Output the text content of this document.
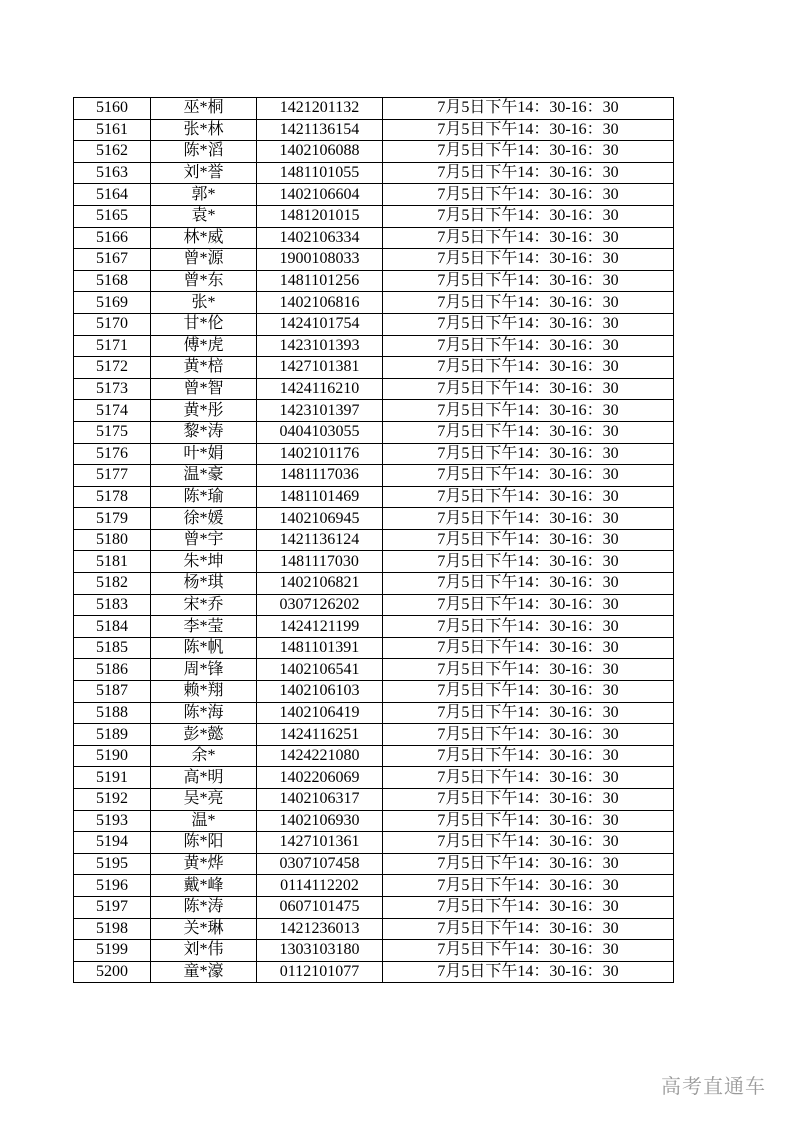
5160	巫*桐	1421201132	7月5日下午14：30-16：30
5161	张*林	1421136154	7月5日下午14：30-16：30
5162	陈*滔	1402106088	7月5日下午14：30-16：30
5163	刘*誉	1481101055	7月5日下午14：30-16：30
5164	郭*	1402106604	7月5日下午14：30-16：30
5165	袁*	1481201015	7月5日下午14：30-16：30
5166	林*威	1402106334	7月5日下午14：30-16：30
5167	曾*源	1900108033	7月5日下午14：30-16：30
5168	曾*东	1481101256	7月5日下午14：30-16：30
5169	张*	1402106816	7月5日下午14：30-16：30
5170	甘*伦	1424101754	7月5日下午14：30-16：30
5171	傅*虎	1423101393	7月5日下午14：30-16：30
5172	黄*棓	1427101381	7月5日下午14：30-16：30
5173	曾*智	1424116210	7月5日下午14：30-16：30
5174	黄*彤	1423101397	7月5日下午14：30-16：30
5175	黎*涛	0404103055	7月5日下午14：30-16：30
5176	叶*娟	1402101176	7月5日下午14：30-16：30
5177	温*豪	1481117036	7月5日下午14：30-16：30
5178	陈*瑜	1481101469	7月5日下午14：30-16：30
5179	徐*媛	1402106945	7月5日下午14：30-16：30
5180	曾*宇	1421136124	7月5日下午14：30-16：30
5181	朱*坤	1481117030	7月5日下午14：30-16：30
5182	杨*琪	1402106821	7月5日下午14：30-16：30
5183	宋*乔	0307126202	7月5日下午14：30-16：30
5184	李*莹	1424121199	7月5日下午14：30-16：30
5185	陈*帆	1481101391	7月5日下午14：30-16：30
5186	周*锋	1402106541	7月5日下午14：30-16：30
5187	赖*翔	1402106103	7月5日下午14：30-16：30
5188	陈*海	1402106419	7月5日下午14：30-16：30
5189	彭*懿	1424116251	7月5日下午14：30-16：30
5190	余*	1424221080	7月5日下午14：30-16：30
5191	高*明	1402206069	7月5日下午14：30-16：30
5192	吴*亮	1402106317	7月5日下午14：30-16：30
5193	温*	1402106930	7月5日下午14：30-16：30
5194	陈*阳	1427101361	7月5日下午14：30-16：30
5195	黄*烨	0307107458	7月5日下午14：30-16：30
5196	戴*峰	0114112202	7月5日下午14：30-16：30
5197	陈*涛	0607101475	7月5日下午14：30-16：30
5198	关*琳	1421236013	7月5日下午14：30-16：30
5199	刘*伟	1303103180	7月5日下午14：30-16：30
5200	童*濠	0112101077	7月5日下午14：30-16：30
高考直通车
